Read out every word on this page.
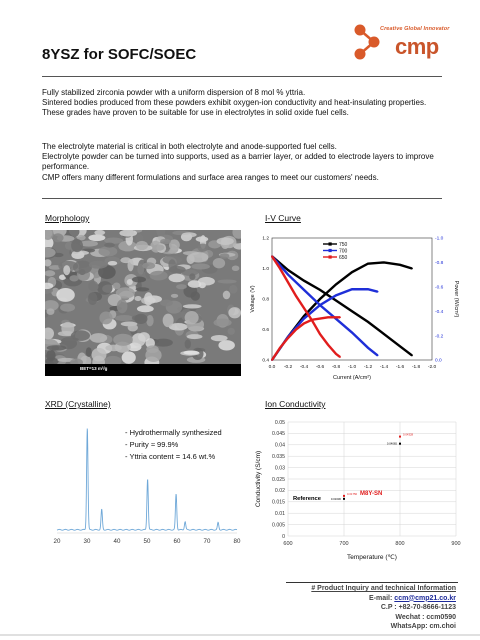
Creative Global Innovator
cmp
8YSZ for SOFC/SOEC
Fully stabilized zirconia powder with a uniform dispersion of 8 mol % yttria.
Sintered bodies produced from these powders exhibit oxygen-ion conductivity and heat-insulating properties.
These grades have proven to be suitable for use in electrolytes in solid oxide fuel cells.
The electrolyte material is critical in both electrolyte and anode-supported fuel cells.
Electrolyte powder can be turned into supports, used as a barrier layer, or added to electrode layers to improve performance.
CMP offers many different formulations and surface area ranges to meet our customers' needs.
Morphology
BET=13 m²/g
I-V Curve
0.0 -0.2 -0.4 -0.6 -0.8 -1.0 -1.2 -1.4 -1.6 -1.8 -2.0
0.4
0.6
0.8
1.0
1.2
0.0
-0.2
-0.4
-0.6
-0.8
-1.0
Current (A/cm²)
Voltage (V)	Power (W/cm²)
750
700
650
XRD (Crystalline)
20	30	40	50	60	70	80
- Hydrothermally synthesized
- Purity ≈ 99.9%
- Yttria content = 14.6 wt.%
Ion Conductivity
0
0.005
0.01
0.015
0.02
0.025
0.03
0.035
0.04
0.045
0.05
600	700	800	900
Temperature (℃)
Conductivity (S/cm)	0.01630
0.04065
0.01750
0.04328
Reference
M8Y-SN
# Product Inquiry and technical Information
E-mail: ccm@cmp21.co.kr
C.P : +82-70-8666-1123
Wechat : ccm0590
WhatsApp: cm.choi
